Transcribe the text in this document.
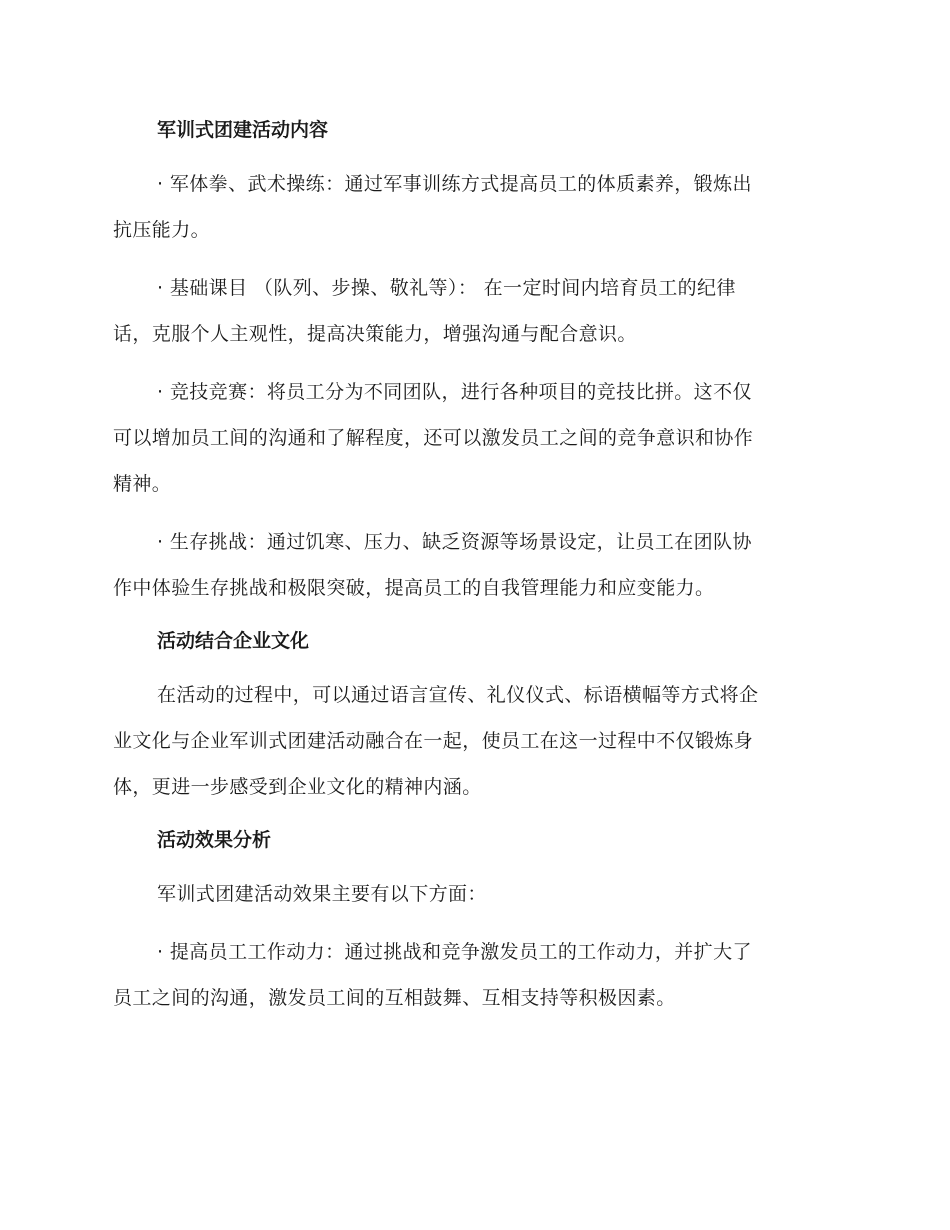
军训式团建活动内容
· 军体拳、武术操练：通过军事训练方式提高员工的体质素养，锻炼出
抗压能力。
· 基础课目 （队列、步操、敬礼等）： 在一定时间内培育员工的纪律
话，克服个人主观性，提高决策能力，增强沟通与配合意识。
· 竞技竞赛：将员工分为不同团队，进行各种项目的竞技比拼。这不仅
可以增加员工间的沟通和了解程度，还可以激发员工之间的竞争意识和协作
精神。
· 生存挑战：通过饥寒、压力、缺乏资源等场景设定，让员工在团队协
作中体验生存挑战和极限突破，提高员工的自我管理能力和应变能力。
活动结合企业文化
在活动的过程中，可以通过语言宣传、礼仪仪式、标语横幅等方式将企
业文化与企业军训式团建活动融合在一起，使员工在这一过程中不仅锻炼身
体，更进一步感受到企业文化的精神内涵。
活动效果分析
军训式团建活动效果主要有以下方面：
· 提高员工工作动力：通过挑战和竞争激发员工的工作动力，并扩大了
员工之间的沟通，激发员工间的互相鼓舞、互相支持等积极因素。
